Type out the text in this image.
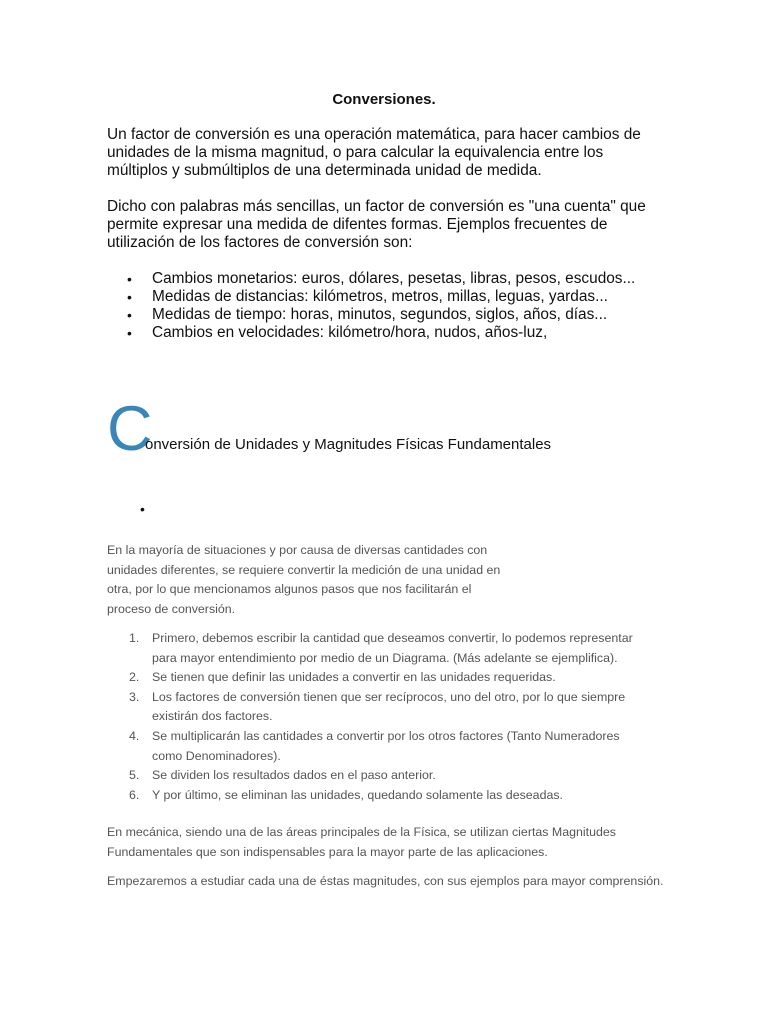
Conversiones.

Un factor de conversión es una operación matemática, para hacer cambios de unidades de la misma magnitud, o para calcular la equivalencia entre los múltiplos y submúltiplos de una determinada unidad de medida.

Dicho con palabras más sencillas, un factor de conversión es "una cuenta" que permite expresar una medida de difentes formas. Ejemplos frecuentes de utilización de los factores de conversión son:

• Cambios monetarios: euros, dólares, pesetas, libras, pesos, escudos...
• Medidas de distancias: kilómetros, metros, millas, leguas, yardas...
• Medidas de tiempo: horas, minutos, segundos, siglos, años, días...
• Cambios en velocidades: kilómetro/hora, nudos, años-luz,
C
onversión de Unidades y Magnitudes Físicas Fundamentales
•

En la mayoría de situaciones y por causa de diversas cantidades con unidades diferentes, se requiere convertir la medición de una unidad en otra, por lo que mencionamos algunos pasos que nos facilitarán el proceso de conversión.

1. Primero, debemos escribir la cantidad que deseamos convertir, lo podemos representar para mayor entendimiento por medio de un Diagrama. (Más adelante se ejemplifica).
2. Se tienen que definir las unidades a convertir en las unidades requeridas.
3. Los factores de conversión tienen que ser recíprocos, uno del otro, por lo que siempre existirán dos factores.
4. Se multiplicarán las cantidades a convertir por los otros factores (Tanto Numeradores como Denominadores).
5. Se dividen los resultados dados en el paso anterior.
6. Y por último, se eliminan las unidades, quedando solamente las deseadas.

En mecánica, siendo una de las áreas principales de la Física, se utilizan ciertas Magnitudes Fundamentales que son indispensables para la mayor parte de las aplicaciones.

Empezaremos a estudiar cada una de éstas magnitudes, con sus ejemplos para mayor comprensión.
